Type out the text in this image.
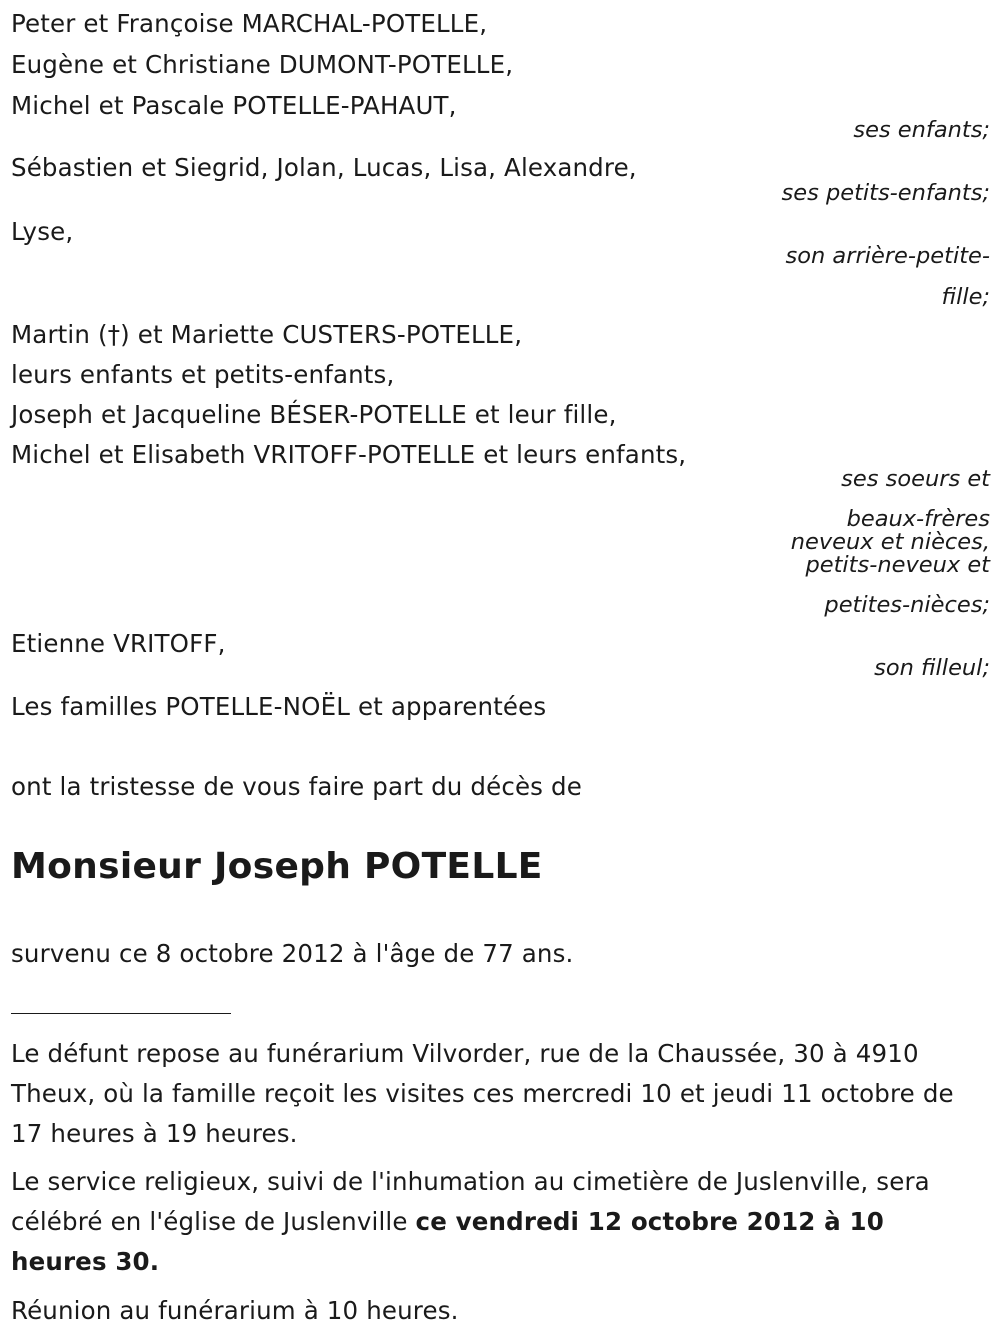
Peter et Françoise MARCHAL-POTELLE,
Eugène et Christiane DUMONT-POTELLE,
Michel et Pascale POTELLE-PAHAUT,
ses enfants;
Sébastien et Siegrid, Jolan, Lucas, Lisa, Alexandre,
ses petits-enfants;
Lyse,
son arrière-petite-
fille;
Martin (†) et Mariette CUSTERS-POTELLE,
leurs enfants et petits-enfants,
Joseph et Jacqueline BÉSER-POTELLE et leur fille,
Michel et Elisabeth VRITOFF-POTELLE et leurs enfants,
ses soeurs et
beaux-frères
neveux et nièces,
petits-neveux et
petites-nièces;
Etienne VRITOFF,
son filleul;
Les familles POTELLE-NOËL et apparentées
ont la tristesse de vous faire part du décès de
Monsieur Joseph POTELLE
survenu ce 8 octobre 2012 à l'âge de 77 ans.
Le défunt repose au funérarium Vilvorder, rue de la Chaussée, 30 à 4910 Theux, où la famille reçoit les visites ces mercredi 10 et jeudi 11 octobre de 17 heures à 19 heures.
Le service religieux, suivi de l'inhumation au cimetière de Juslenville, sera célébré en l'église de Juslenville ce vendredi 12 octobre 2012 à 10 heures 30.
Réunion au funérarium à 10 heures.
